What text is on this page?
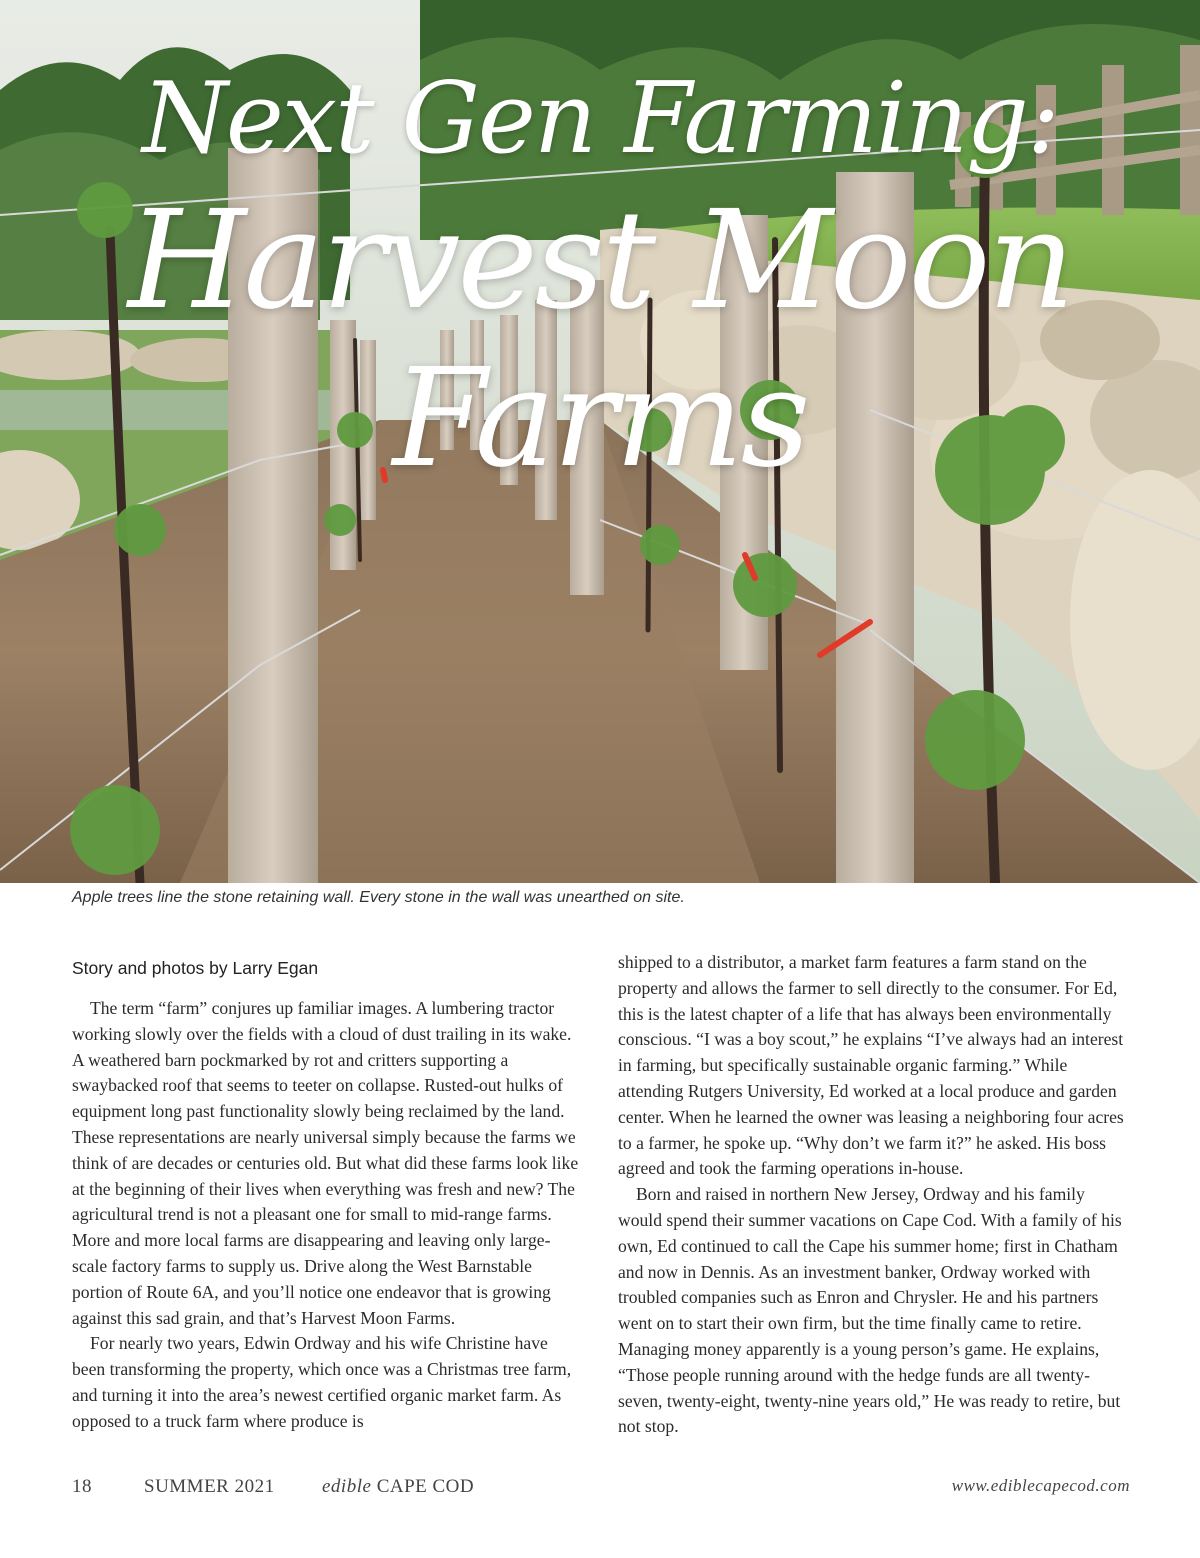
Next Gen Farming:
Harvest Moon Farms
Apple trees line the stone retaining wall. Every stone in the wall was unearthed on site.
Story and photos by Larry Egan

The term “farm” conjures up familiar images. A lumbering tractor working slowly over the fields with a cloud of dust trailing in its wake. A weathered barn pockmarked by rot and critters supporting a swaybacked roof that seems to teeter on collapse. Rusted-out hulks of equipment long past functionality slowly being reclaimed by the land. These representations are nearly universal simply because the farms we think of are decades or centuries old. But what did these farms look like at the beginning of their lives when everything was fresh and new? The agricultural trend is not a pleasant one for small to mid-range farms. More and more local farms are disappearing and leaving only large-scale factory farms to supply us. Drive along the West Barnstable portion of Route 6A, and you’ll notice one endeavor that is growing against this sad grain, and that’s Harvest Moon Farms.

For nearly two years, Edwin Ordway and his wife Christine have been transforming the property, which once was a Christmas tree farm, and turning it into the area’s newest certified organic market farm. As opposed to a truck farm where produce is

shipped to a distributor, a market farm features a farm stand on the property and allows the farmer to sell directly to the consumer. For Ed, this is the latest chapter of a life that has always been environmentally conscious. “I was a boy scout,” he explains “I’ve always had an interest in farming, but specifically sustainable organic farming.” While attending Rutgers University, Ed worked at a local produce and garden center. When he learned the owner was leasing a neighboring four acres to a farmer, he spoke up. “Why don’t we farm it?” he asked. His boss agreed and took the farming operations in-house.

Born and raised in northern New Jersey, Ordway and his family would spend their summer vacations on Cape Cod. With a family of his own, Ed continued to call the Cape his summer home; first in Chatham and now in Dennis. As an investment banker, Ordway worked with troubled companies such as Enron and Chrysler. He and his partners went on to start their own firm, but the time finally came to retire. Managing money apparently is a young person’s game. He explains, “Those people running around with the hedge funds are all twenty-seven, twenty-eight, twenty-nine years old,” He was ready to retire, but not stop.

18	SUMMER 2021 edible CAPE COD	www.ediblecapecod.com
